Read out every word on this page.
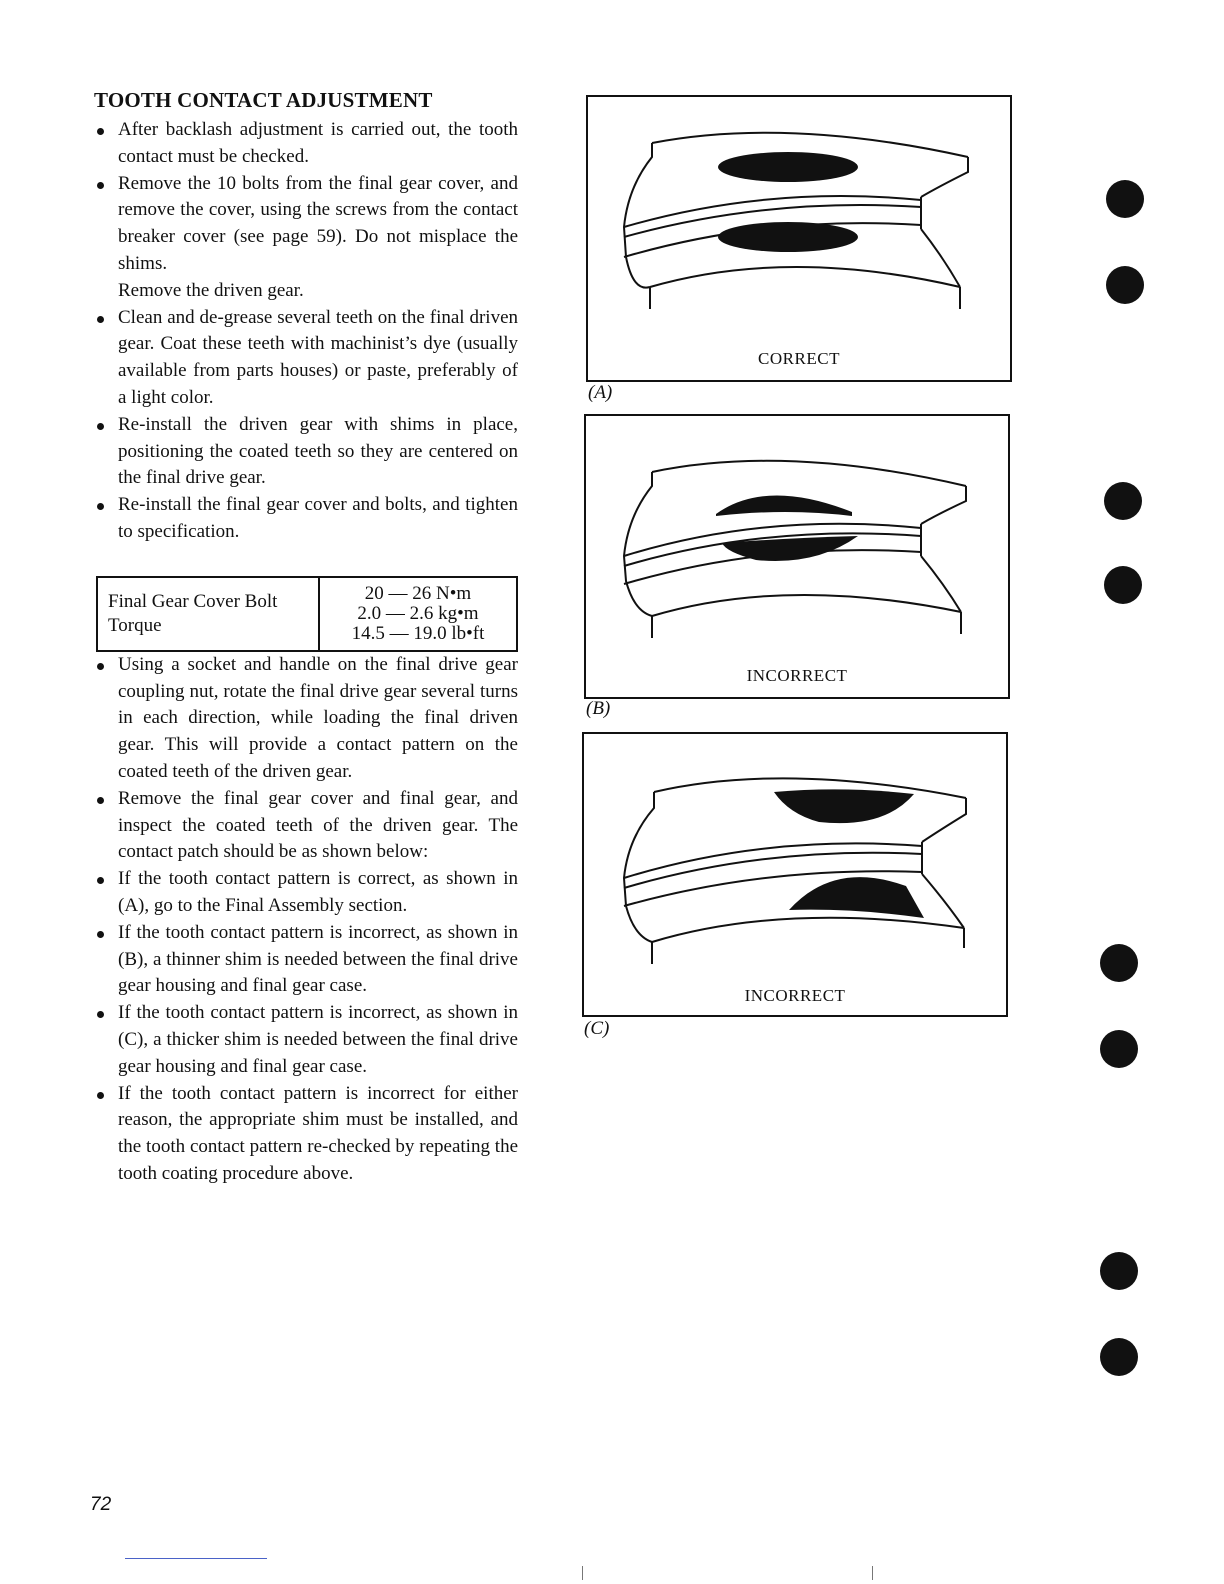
TOOTH CONTACT ADJUSTMENT
After backlash adjustment is carried out, the tooth contact must be checked.
Remove the 10 bolts from the final gear cover, and remove the cover, using the screws from the contact breaker cover (see page 59). Do not misplace the shims.
Remove the driven gear.
Clean and de-grease several teeth on the final driven gear. Coat these teeth with machinist’s dye (usually available from parts houses) or paste, preferably of a light color.
Re-install the driven gear with shims in place, positioning the coated teeth so they are centered on the final drive gear.
Re-install the final gear cover and bolts, and tighten to specification.
Final Gear Cover Bolt
Torque

20 — 26 N•m
2.0 — 2.6 kg•m
14.5 — 19.0 lb•ft
Using a socket and handle on the final drive gear coupling nut, rotate the final drive gear several turns in each direction, while loading the final driven gear. This will provide a contact pattern on the coated teeth of the driven gear.
Remove the final gear cover and final gear, and inspect the coated teeth of the driven gear. The contact patch should be as shown below:
If the tooth contact pattern is correct, as shown in (A), go to the Final Assembly section.
If the tooth contact pattern is incorrect, as shown in (B), a thinner shim is needed between the final drive gear housing and final gear case.
If the tooth contact pattern is incorrect, as shown in (C), a thicker shim is needed between the final drive gear housing and final gear case.
If the tooth contact pattern is incorrect for either reason, the appropriate shim must be installed, and the tooth contact pattern re-checked by repeating the tooth coating procedure above.
CORRECT
(A)
INCORRECT
(B)
INCORRECT
(C)
72
